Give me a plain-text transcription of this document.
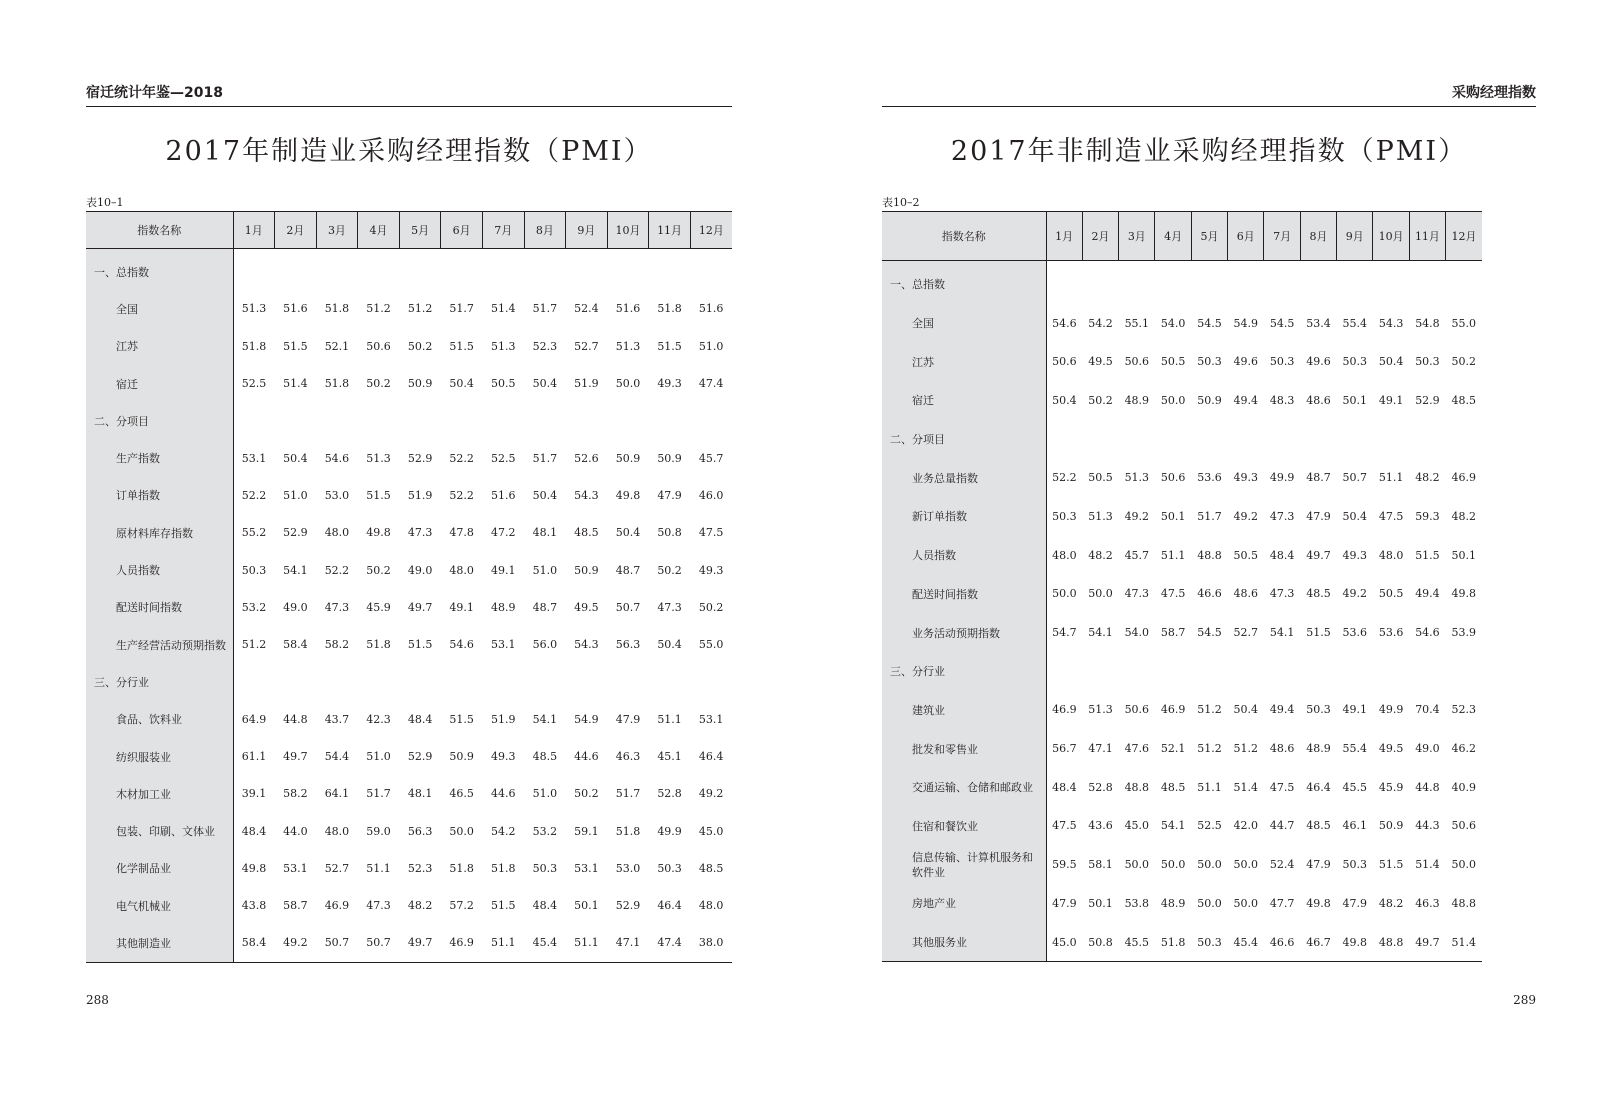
宿迁统计年鉴—2018
2017年制造业采购经理指数（PMI）
表10–1
指数名称	1月	2月	3月	4月	5月	6月	7月	8月	9月	10月	11月	12月

一、总指数												
全国	51.3	51.6	51.8	51.2	51.2	51.7	51.4	51.7	52.4	51.6	51.8	51.6
江苏	51.8	51.5	52.1	50.6	50.2	51.5	51.3	52.3	52.7	51.3	51.5	51.0
宿迁	52.5	51.4	51.8	50.2	50.9	50.4	50.5	50.4	51.9	50.0	49.3	47.4
二、分项目												
生产指数	53.1	50.4	54.6	51.3	52.9	52.2	52.5	51.7	52.6	50.9	50.9	45.7
订单指数	52.2	51.0	53.0	51.5	51.9	52.2	51.6	50.4	54.3	49.8	47.9	46.0
原材料库存指数	55.2	52.9	48.0	49.8	47.3	47.8	47.2	48.1	48.5	50.4	50.8	47.5
人员指数	50.3	54.1	52.2	50.2	49.0	48.0	49.1	51.0	50.9	48.7	50.2	49.3
配送时间指数	53.2	49.0	47.3	45.9	49.7	49.1	48.9	48.7	49.5	50.7	47.3	50.2
生产经营活动预期指数	51.2	58.4	58.2	51.8	51.5	54.6	53.1	56.0	54.3	56.3	50.4	55.0
三、分行业												
食品、饮料业	64.9	44.8	43.7	42.3	48.4	51.5	51.9	54.1	54.9	47.9	51.1	53.1
纺织服装业	61.1	49.7	54.4	51.0	52.9	50.9	49.3	48.5	44.6	46.3	45.1	46.4
木材加工业	39.1	58.2	64.1	51.7	48.1	46.5	44.6	51.0	50.2	51.7	52.8	49.2
包装、印刷、文体业	48.4	44.0	48.0	59.0	56.3	50.0	54.2	53.2	59.1	51.8	49.9	45.0
化学制品业	49.8	53.1	52.7	51.1	52.3	51.8	51.8	50.3	53.1	53.0	50.3	48.5
电气机械业	43.8	58.7	46.9	47.3	48.2	57.2	51.5	48.4	50.1	52.9	46.4	48.0
其他制造业	58.4	49.2	50.7	50.7	49.7	46.9	51.1	45.4	51.1	47.1	47.4	38.0
288
采购经理指数
2017年非制造业采购经理指数（PMI）
表10–2
指数名称	1月	2月	3月	4月	5月	6月	7月	8月	9月	10月	11月	12月

一、总指数												
全国	54.6	54.2	55.1	54.0	54.5	54.9	54.5	53.4	55.4	54.3	54.8	55.0
江苏	50.6	49.5	50.6	50.5	50.3	49.6	50.3	49.6	50.3	50.4	50.3	50.2
宿迁	50.4	50.2	48.9	50.0	50.9	49.4	48.3	48.6	50.1	49.1	52.9	48.5
二、分项目												
业务总量指数	52.2	50.5	51.3	50.6	53.6	49.3	49.9	48.7	50.7	51.1	48.2	46.9
新订单指数	50.3	51.3	49.2	50.1	51.7	49.2	47.3	47.9	50.4	47.5	59.3	48.2
人员指数	48.0	48.2	45.7	51.1	48.8	50.5	48.4	49.7	49.3	48.0	51.5	50.1
配送时间指数	50.0	50.0	47.3	47.5	46.6	48.6	47.3	48.5	49.2	50.5	49.4	49.8
业务活动预期指数	54.7	54.1	54.0	58.7	54.5	52.7	54.1	51.5	53.6	53.6	54.6	53.9
三、分行业												
建筑业	46.9	51.3	50.6	46.9	51.2	50.4	49.4	50.3	49.1	49.9	70.4	52.3
批发和零售业	56.7	47.1	47.6	52.1	51.2	51.2	48.6	48.9	55.4	49.5	49.0	46.2
交通运输、仓储和邮政业	48.4	52.8	48.8	48.5	51.1	51.4	47.5	46.4	45.5	45.9	44.8	40.9
住宿和餐饮业	47.5	43.6	45.0	54.1	52.5	42.0	44.7	48.5	46.1	50.9	44.3	50.6
信息传输、计算机服务和软件业	59.5	58.1	50.0	50.0	50.0	50.0	52.4	47.9	50.3	51.5	51.4	50.0
房地产业	47.9	50.1	53.8	48.9	50.0	50.0	47.7	49.8	47.9	48.2	46.3	48.8
其他服务业	45.0	50.8	45.5	51.8	50.3	45.4	46.6	46.7	49.8	48.8	49.7	51.4
289
